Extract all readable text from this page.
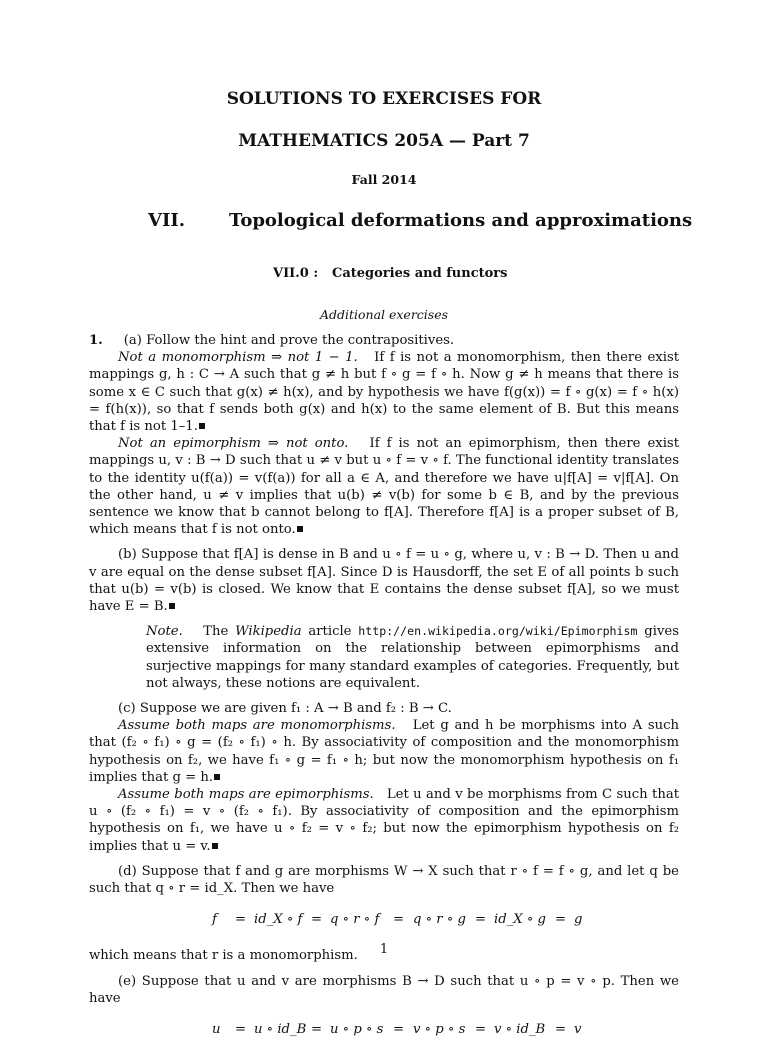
SOLUTIONS TO EXERCISES FOR
MATHEMATICS 205A — Part 7
Fall 2014
VII. Topological deformations and approximations
VII.0 : Categories and functors
Additional exercises

1. (a) Follow the hint and prove the contrapositives.

Not a monomorphism ⇒ not 1 − 1. If f is not a monomorphism, then there exist mappings g, h : C → A such that g ≠ h but f ∘ g = f ∘ h. Now g ≠ h means that there is some x ∈ C such that g(x) ≠ h(x), and by hypothesis we have f(g(x)) = f ∘ g(x) = f ∘ h(x) = f(h(x)), so that f sends both g(x) and h(x) to the same element of B. But this means that f is not 1–1.

Not an epimorphism ⇒ not onto. If f is not an epimorphism, then there exist mappings u, v : B → D such that u ≠ v but u ∘ f = v ∘ f. The functional identity translates to the identity u(f(a)) = v(f(a)) for all a ∈ A, and therefore we have u|f[A] = v|f[A]. On the other hand, u ≠ v implies that u(b) ≠ v(b) for some b ∈ B, and by the previous sentence we know that b cannot belong to f[A]. Therefore f[A] is a proper subset of B, which means that f is not onto.

(b) Suppose that f[A] is dense in B and u ∘ f = u ∘ g, where u, v : B → D. Then u and v are equal on the dense subset f[A]. Since D is Hausdorff, the set E of all points b such that u(b) = v(b) is closed. We know that E contains the dense subset f[A], so we must have E = B.

Note. The Wikipedia article http://en.wikipedia.org/wiki/Epimorphism gives extensive information on the relationship between epimorphisms and surjective mappings for many standard examples of categories. Frequently, but not always, these notions are equivalent.

(c) Suppose we are given f₁ : A → B and f₂ : B → C.

Assume both maps are monomorphisms. Let g and h be morphisms into A such that (f₂ ∘ f₁) ∘ g = (f₂ ∘ f₁) ∘ h. By associativity of composition and the monomorphism hypothesis on f₂, we have f₁ ∘ g = f₁ ∘ h; but now the monomorphism hypothesis on f₁ implies that g = h.

Assume both maps are epimorphisms. Let u and v be morphisms from C such that u ∘ (f₂ ∘ f₁) = v ∘ (f₂ ∘ f₁). By associativity of composition and the epimorphism hypothesis on f₁, we have u ∘ f₂ = v ∘ f₂; but now the epimorphism hypothesis on f₂ implies that u = v.

(d) Suppose that f and g are morphisms W → X such that r ∘ f = f ∘ g, and let q be such that q ∘ r = id_X. Then we have

f = id_X ∘ f = q ∘ r ∘ f = q ∘ r ∘ g = id_X ∘ g = g

which means that r is a monomorphism.

(e) Suppose that u and v are morphisms B → D such that u ∘ p = v ∘ p. Then we have

u = u ∘ id_B = u ∘ p ∘ s = v ∘ p ∘ s = v ∘ id_B = v
1
